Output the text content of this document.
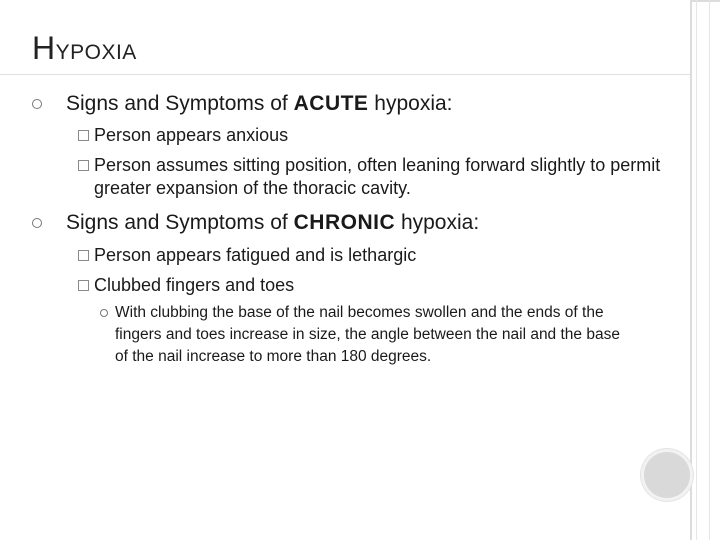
HYPOXIA
Signs and Symptoms of ACUTE hypoxia:
Person appears anxious
Person assumes sitting position, often leaning forward slightly to permit greater expansion of the thoracic cavity.
Signs and Symptoms of CHRONIC hypoxia:
Person appears fatigued and is lethargic
Clubbed fingers and toes
With clubbing the base of the nail becomes swollen and the ends of the fingers and toes increase in size, the angle between the nail and the base of the nail increase to more than 180 degrees.
